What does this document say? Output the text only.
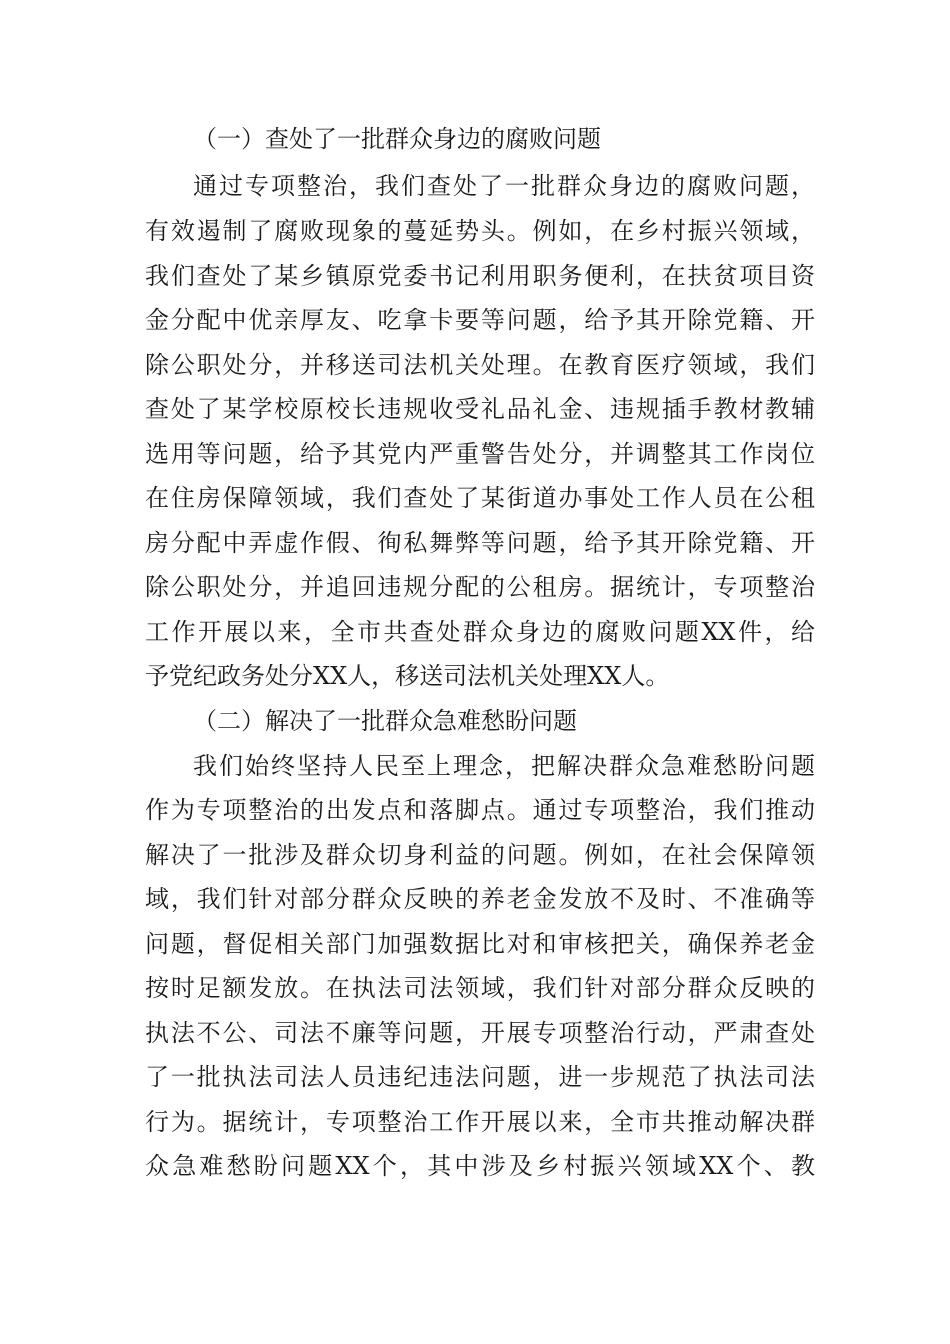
（一）查处了一批群众身边的腐败问题

通过专项整治，我们查处了一批群众身边的腐败问题，

有效遏制了腐败现象的蔓延势头。例如，在乡村振兴领域，

我们查处了某乡镇原党委书记利用职务便利，在扶贫项目资

金分配中优亲厚友、吃拿卡要等问题，给予其开除党籍、开

除公职处分，并移送司法机关处理。在教育医疗领域，我们

查处了某学校原校长违规收受礼品礼金、违规插手教材教辅

选用等问题，给予其党内严重警告处分，并调整其工作岗位

在住房保障领域，我们查处了某街道办事处工作人员在公租

房分配中弄虚作假、徇私舞弊等问题，给予其开除党籍、开

除公职处分，并追回违规分配的公租房。据统计，专项整治

工作开展以来，全市共查处群众身边的腐败问题XX件，给

予党纪政务处分XX人，移送司法机关处理XX人。

（二）解决了一批群众急难愁盼问题

我们始终坚持人民至上理念，把解决群众急难愁盼问题

作为专项整治的出发点和落脚点。通过专项整治，我们推动

解决了一批涉及群众切身利益的问题。例如，在社会保障领

域，我们针对部分群众反映的养老金发放不及时、不准确等

问题，督促相关部门加强数据比对和审核把关，确保养老金

按时足额发放。在执法司法领域，我们针对部分群众反映的

执法不公、司法不廉等问题，开展专项整治行动，严肃查处

了一批执法司法人员违纪违法问题，进一步规范了执法司法

行为。据统计，专项整治工作开展以来，全市共推动解决群

众急难愁盼问题XX个，其中涉及乡村振兴领域XX个、教
